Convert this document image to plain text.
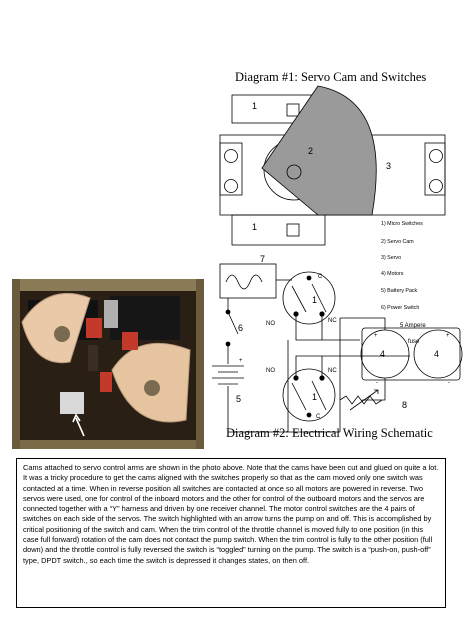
Diagram #1: Servo Cam and Switches
1
2
3
1	1) Micro Switches
2) Servo Cam
3) Servo
4) Motors
5) Battery Pack
6) Power Switch
7
1
1
6
5
4	4
8
5 Ampere
fuse
NO	NC
NO	NC
C
C
+
+	+
-	-
Diagram #2: Electrical Wiring Schematic
Cams attached to servo control arms are shown in the photo above. Note that the cams have been cut and glued on quite a lot. It was a tricky procedure to get the cams aligned with the switches properly so that as the cam moved only one switch was contacted at a time. When in reverse position all switches are contacted at once so all motors are powered in reverse. Two servos were used, one for control of the inboard motors and the other for control of the outboard motors and the servos are connected together with a “Y” harness and driven by one receiver channel. The motor control switches are the 4 pairs of switches on each side of the servos. The switch highlighted with an arrow turns the pump on and off. This is accomplished by critical positioning of the switch and cam. When the trim control of the throttle channel is moved fully to one position (in this case full forward) rotation of the cam does not contact the pump switch. When the trim control is fully to the other position (full down) and the throttle control is fully reversed the switch is “toggled” turning on the pump. The switch is a “push-on, push-off” type, DPDT switch., so each time the switch is depressed it changes states, on then off.
